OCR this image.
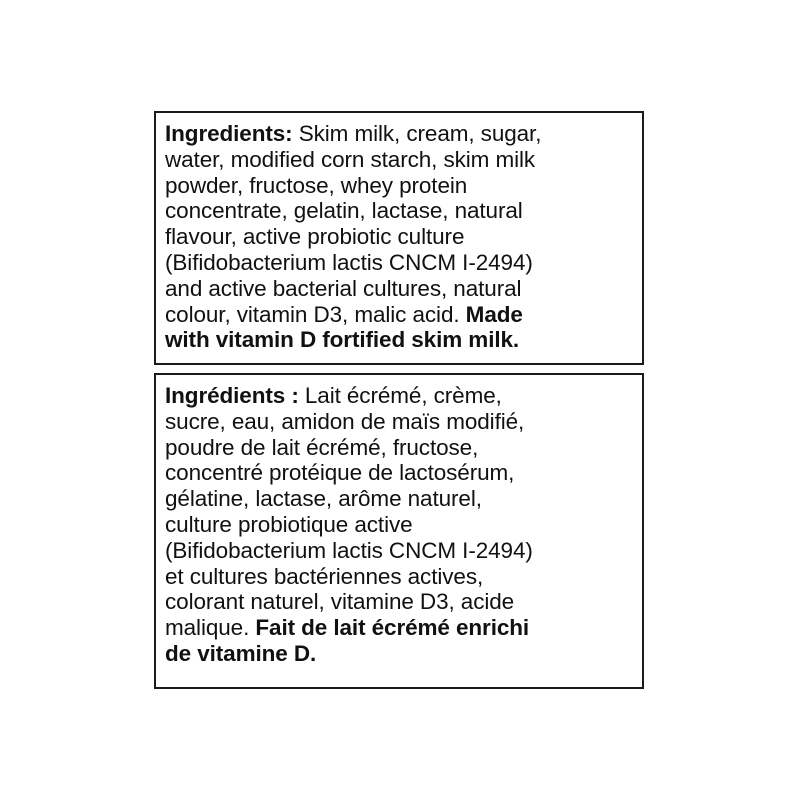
Ingredients: Skim milk, cream, sugar,
water, modified corn starch, skim milk
powder, fructose, whey protein
concentrate, gelatin, lactase, natural
flavour, active probiotic culture
(Bifidobacterium lactis CNCM I-2494)
and active bacterial cultures, natural
colour, vitamin D3, malic acid. Made
with vitamin D fortified skim milk.
Ingrédients : Lait écrémé, crème,
sucre, eau, amidon de maïs modifié,
poudre de lait écrémé, fructose,
concentré protéique de lactosérum,
gélatine, lactase, arôme naturel,
culture probiotique active
(Bifidobacterium lactis CNCM I-2494)
et cultures bactériennes actives,
colorant naturel, vitamine D3, acide
malique. Fait de lait écrémé enrichi
de vitamine D.
